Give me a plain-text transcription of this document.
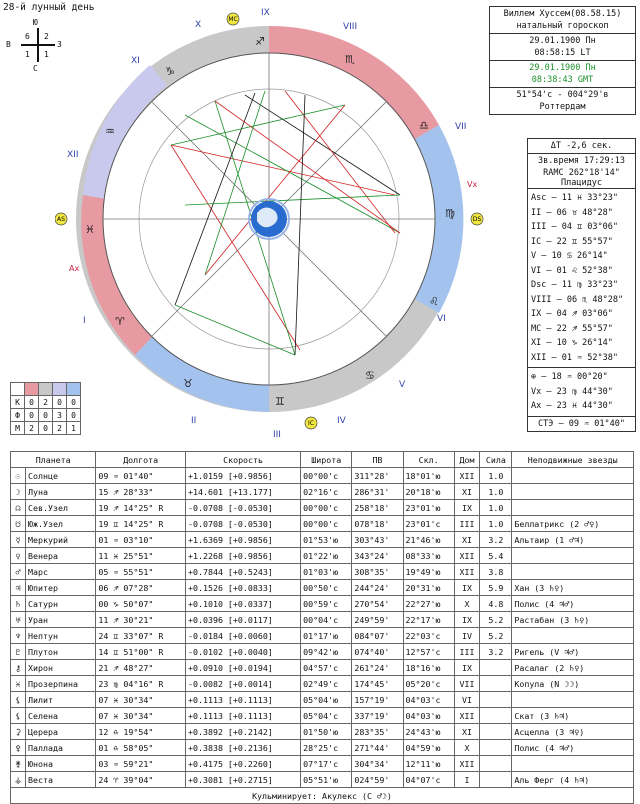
28-й лунный день
Ю
С
В	З
6 2
1 1
I
II
III
IV
V
VI
VII
VIII
IX
X
XI
XII
♈
♉
♊
♋
♌
♍
♎
♏
♐
♑
♒
♓
AS	DS
MC
IC
Vx
Ax
Виллем Хуссем(08.58.15)
натальный гороскоп
29.01.1900 Пн
08:58:15 LT
29.01.1900 Пн
08:38:43 GMT
51°54'с - 004°29'в
Роттердам
ΔT -2,6 сек.
Зв.время 17:29:13
RAMC 262°18'14"
Плацидус
Asc – 11 ♓ 33°23"
II – 06 ♉ 48°28"
III – 04 ♊ 03°06"
IC – 22 ♊ 55°57"
V – 10 ♋ 26°14"
VI – 01 ♌ 52°38"
Dsc – 11 ♍ 33°23"
VIII – 06 ♏ 48°28"
IX – 04 ♐ 03°06"
MC – 22 ♐ 55°57"
XI – 10 ♑ 26°14"
XII – 01 ♒ 52°38"
⊕ – 18 ♒ 00°20"
Vx – 23 ♍ 44°30"
Ax – 23 ♓ 44°30"
СТЭ – 09 ♒ 01°40"

К	0	2	0	0
Ф	0	0	3	0
М	2	0	2	1
Планета		Долгота	Скорость	Широта	ПВ	Скл.	Дом	Сила	Неподвижные звезды
☉	Солнце	09 ♒ 01°40"	+1.0159 [+0.9856]	00°00'с	311°28'	18°01'ю	XII	1.0	
☽	Луна	15 ♐ 28°33"	+14.601 [+13.177]	02°16'с	286°31'	20°18'ю	XI	1.0	
☊	Сев.Узел	19 ♐ 14°25" R	-0.0708 [-0.0530]	00°00'с	258°18'	23°01'ю	IX	1.0	
☋	Юж.Узел	19 ♊ 14°25" R	-0.0708 [-0.0530]	00°00'с	078°18'	23°01'с	III	1.0	Беллатрикс (2 ♂♀)
☿	Меркурий	01 ♒ 03°10"	+1.6369 [+0.9856]	01°53'ю	303°43'	21°46'ю	XI	3.2	Альтаир (1 ♂♃)
♀	Венера	11 ♓ 25°51"	+1.2268 [+0.9856]	01°22'ю	343°24'	08°33'ю	XII	5.4	
♂	Марс	05 ♒ 55°51"	+0.7844 [+0.5243]	01°03'ю	308°35'	19°49'ю	XII	3.8	
♃	Юпитер	06 ♐ 07°28"	+0.1526 [+0.0833]	00°50'с	244°24'	20°31'ю	IX	5.9	Хан (3 ♄♀)
♄	Сатурн	00 ♑ 50°07"	+0.1010 [+0.0337]	00°59'с	270°54'	22°27'ю	X	4.8	Полис (4 ♃♂)
♅	Уран	11 ♐ 30°21"	+0.0396 [+0.0117]	00°04'с	249°59'	22°17'ю	IX	5.2	Растабан (3 ♄♀)
♆	Нептун	24 ♊ 33°07" R	-0.0184 [+0.0060]	01°17'ю	084°07'	22°03'с	IV	5.2	
♇	Плутон	14 ♊ 51°00" R	-0.0102 [+0.0040]	09°42'ю	074°40'	12°57'с	III	3.2	Ригель (V ♃♂)
⚷	Хирон	21 ♐ 48°27"	+0.0910 [+0.0194]	04°57'с	261°24'	18°16'ю	IX		Расалаг (2 ♄♀)
♓	Прозерпина	23 ♍ 04°16" R	-0.0082 [+0.0014]	02°49'с	174°45'	05°20'с	VII		Копула (N ☽☽)
⚸	Лилит	07 ♓ 30°34"	+0.1113 [+0.1113]	05°04'ю	157°19'	04°03'с	VI		
⚸	Селена	07 ♓ 30°34"	+0.1113 [+0.1113]	05°04'с	337°19'	04°03'ю	XII		Скат (3 ♄♃)
⚳	Церера	12 ♎ 19°54"	+0.3892 [+0.2142]	01°50'ю	283°35'	24°43'ю	XI		Асцелла (3 ♃♀)
⚴	Паллада	01 ♎ 58°05"	+0.3838 [+0.2136]	28°25'с	271°44'	04°59'ю	X		Полис (4 ♃♂)
⚵	Юнона	03 ♒ 59°21"	+0.4175 [+0.2260]	07°17'с	304°34'	12°11'ю	XII		
⚶	Веста	24 ♈ 39°04"	+0.3081 [+0.2715]	05°51'ю	024°59'	04°07'с	I		Аль Ферг (4 ♄♃)
Кульминирует: Акулекс (С ♂☽)									
